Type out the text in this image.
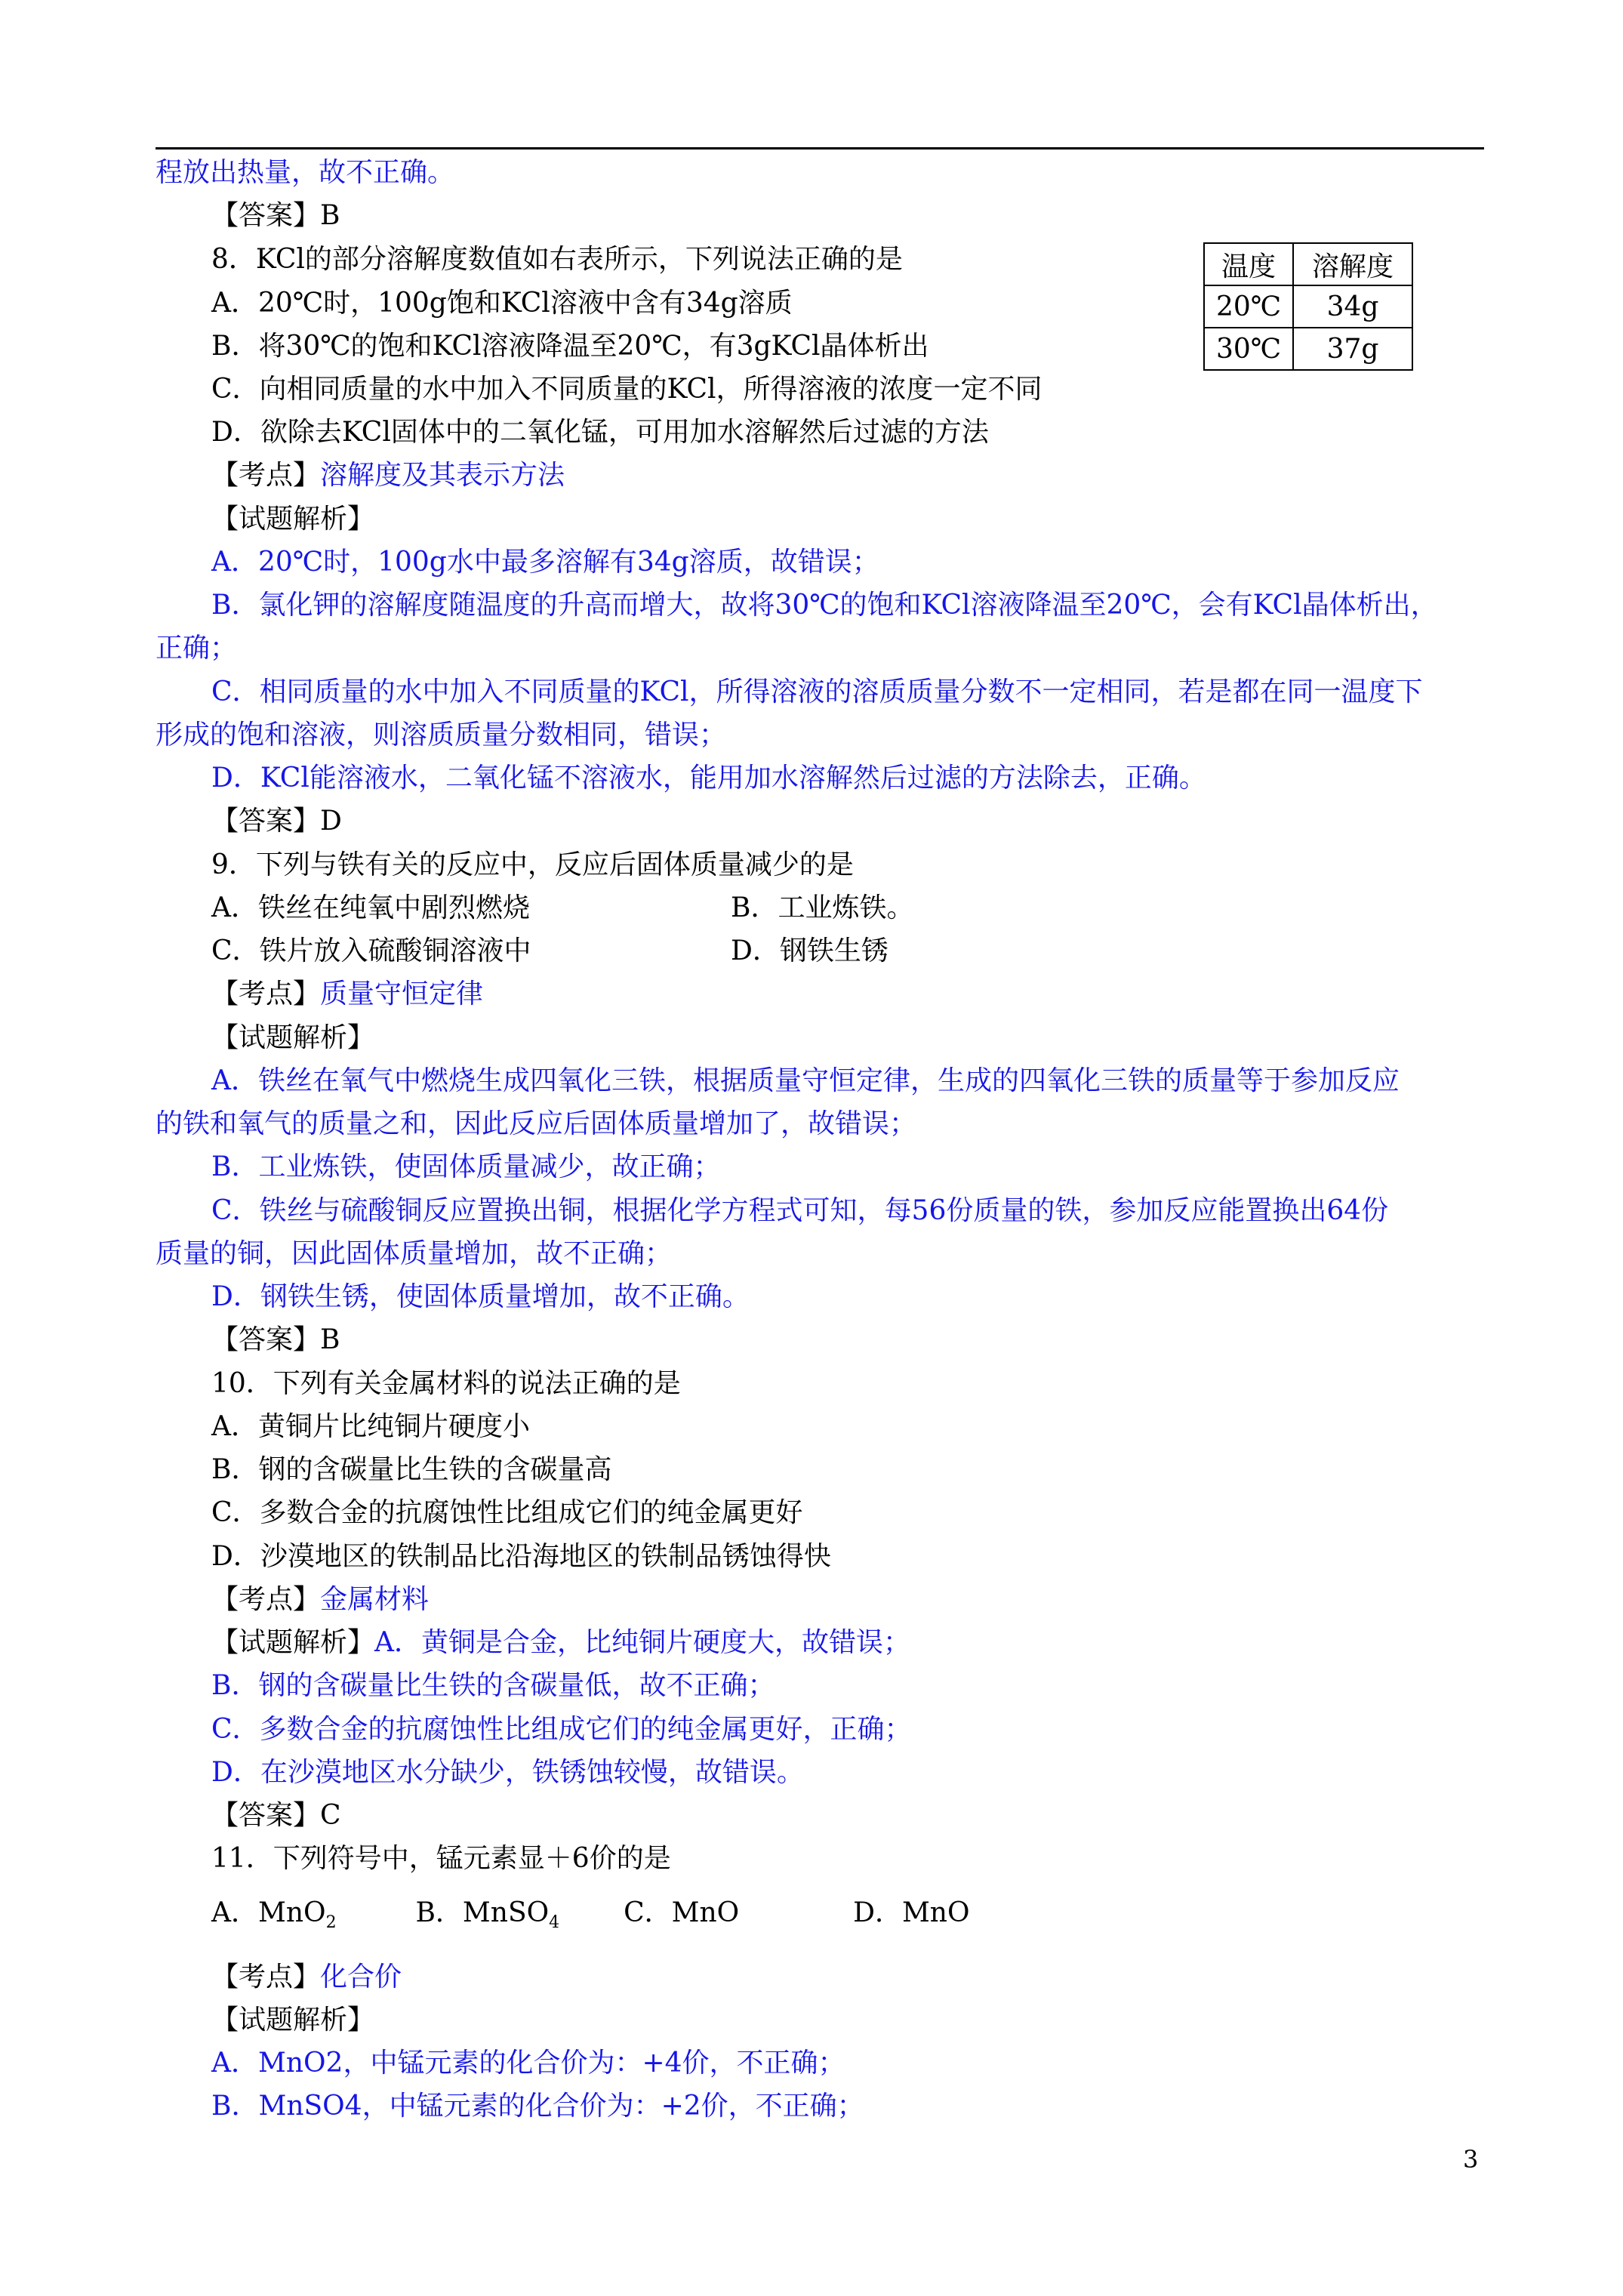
程放出热量，故不正确。
【答案】B
8．KCl的部分溶解度数值如右表所示，下列说法正确的是
A．20℃时，100g饱和KCl溶液中含有34g溶质
B．将30℃的饱和KCl溶液降温至20℃，有3gKCl晶体析出
C．向相同质量的水中加入不同质量的KCl，所得溶液的浓度一定不同
D．欲除去KCl固体中的二氧化锰，可用加水溶解然后过滤的方法
温度	溶解度
20℃	34g
30℃	37g
【考点】溶解度及其表示方法
【试题解析】
A．20℃时，100g水中最多溶解有34g溶质，故错误；
B．氯化钾的溶解度随温度的升高而增大，故将30℃的饱和KCl溶液降温至20℃，会有KCl晶体析出，
正确；
C．相同质量的水中加入不同质量的KCl，所得溶液的溶质质量分数不一定相同，若是都在同一温度下
形成的饱和溶液，则溶质质量分数相同，错误；
D．KCl能溶液水，二氧化锰不溶液水，能用加水溶解然后过滤的方法除去，正确。
【答案】D
9．下列与铁有关的反应中，反应后固体质量减少的是
A．铁丝在纯氧中剧烈燃烧	B．工业炼铁。
C．铁片放入硫酸铜溶液中	D．钢铁生锈
【考点】质量守恒定律
【试题解析】
A．铁丝在氧气中燃烧生成四氧化三铁，根据质量守恒定律，生成的四氧化三铁的质量等于参加反应
的铁和氧气的质量之和，因此反应后固体质量增加了，故错误；
B．工业炼铁，使固体质量减少，故正确；
C．铁丝与硫酸铜反应置换出铜，根据化学方程式可知，每56份质量的铁，参加反应能置换出64份
质量的铜，因此固体质量增加，故不正确；
D．钢铁生锈，使固体质量增加，故不正确。
【答案】B
10．下列有关金属材料的说法正确的是
A．黄铜片比纯铜片硬度小
B．钢的含碳量比生铁的含碳量高
C．多数合金的抗腐蚀性比组成它们的纯金属更好
D．沙漠地区的铁制品比沿海地区的铁制品锈蚀得快
【考点】金属材料
【试题解析】A．黄铜是合金，比纯铜片硬度大，故错误；
B．钢的含碳量比生铁的含碳量低，故不正确；
C．多数合金的抗腐蚀性比组成它们的纯金属更好，正确；
D．在沙漠地区水分缺少，铁锈蚀较慢，故错误。
【答案】C
11．下列符号中，锰元素显＋6价的是
A．MnO$_2$	B．MnSO$_4$ C．MnO	D．MnO
【考点】化合价
【试题解析】
A．MnO2，中锰元素的化合价为：+4价，不正确；
B．MnSO4，中锰元素的化合价为：+2价，不正确；
3
